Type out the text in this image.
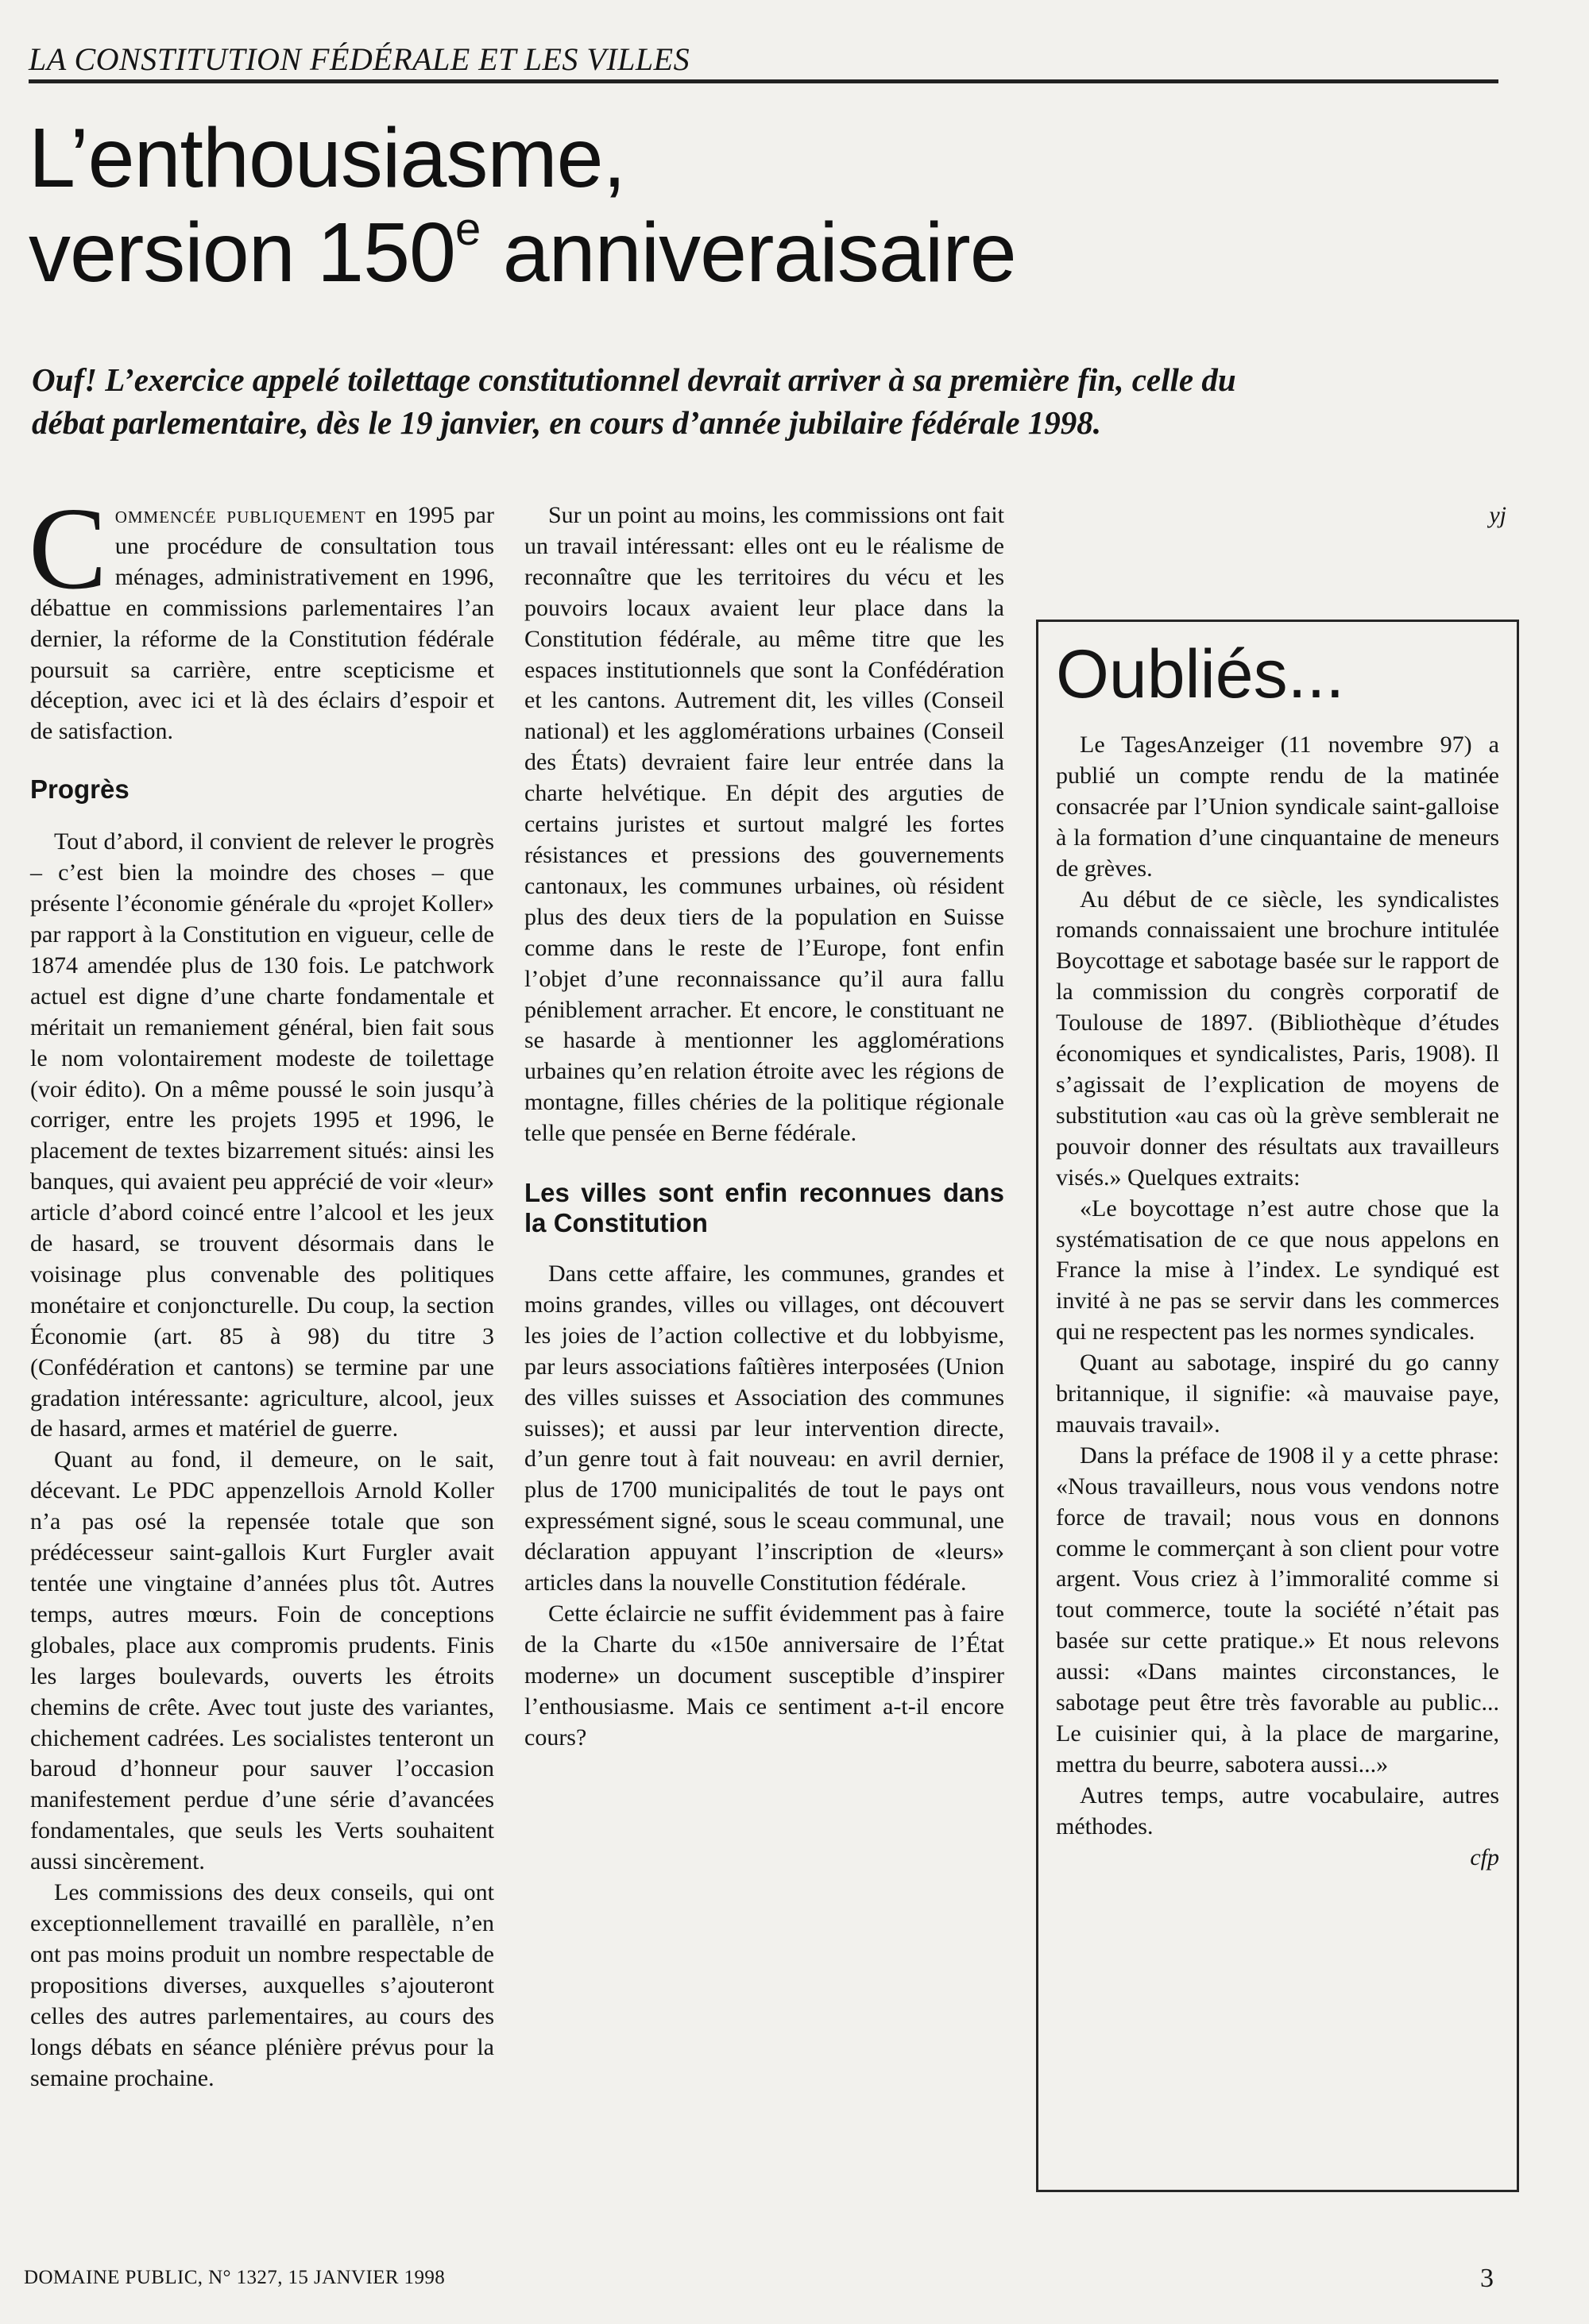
LA CONSTITUTION FÉDÉRALE ET LES VILLES
L’enthousiasme,
version 150e anniveraisaire
Ouf! L’exercice appelé toilettage constitutionnel devrait arriver à sa première fin, celle du débat parlementaire, dès le 19 janvier, en cours d’année jubilaire fédérale 1998.

Commencée publiquement en 1995 par une procédure de consultation tous ménages, administrativement en 1996, débattue en commissions parlementaires l’an dernier, la réforme de la Constitution fédérale poursuit sa carrière, entre scepticisme et déception, avec ici et là des éclairs d’espoir et de satisfaction.

Progrès

Tout d’abord, il convient de relever le progrès – c’est bien la moindre des choses – que présente l’économie générale du «projet Koller» par rapport à la Constitution en vigueur, celle de 1874 amendée plus de 130 fois. Le patchwork actuel est digne d’une charte fondamentale et méritait un remaniement général, bien fait sous le nom volontairement modeste de toilettage (voir édito). On a même poussé le soin jusqu’à corriger, entre les projets 1995 et 1996, le placement de textes bizarrement situés: ainsi les banques, qui avaient peu apprécié de voir «leur» article d’abord coincé entre l’alcool et les jeux de hasard, se trouvent désormais dans le voisinage plus convenable des politiques monétaire et conjoncturelle. Du coup, la section Économie (art. 85 à 98) du titre 3 (Confédération et cantons) se termine par une gradation intéressante: agriculture, alcool, jeux de hasard, armes et matériel de guerre.

Quant au fond, il demeure, on le sait, décevant. Le PDC appenzellois Arnold Koller n’a pas osé la repensée totale que son prédécesseur saint-gallois Kurt Furgler avait tentée une vingtaine d’années plus tôt. Autres temps, autres mœurs. Foin de conceptions globales, place aux compromis prudents. Finis les larges boulevards, ouverts les étroits chemins de crête. Avec tout juste des variantes, chichement cadrées. Les socialistes tenteront un baroud d’honneur pour sauver l’occasion manifestement perdue d’une série d’avancées fondamentales, que seuls les Verts souhaitent aussi sincèrement.

Les commissions des deux conseils, qui ont exceptionnellement travaillé en parallèle, n’en ont pas moins produit un nombre respectable de propositions diverses, auxquelles s’ajouteront celles des autres parlementaires, au cours des longs débats en séance plénière prévus pour la semaine prochaine.

Sur un point au moins, les commissions ont fait un travail intéressant: elles ont eu le réalisme de reconnaître que les territoires du vécu et les pouvoirs locaux avaient leur place dans la Constitution fédérale, au même titre que les espaces institutionnels que sont la Confédération et les cantons. Autrement dit, les villes (Conseil national) et les agglomérations urbaines (Conseil des États) devraient faire leur entrée dans la charte helvétique. En dépit des arguties de certains juristes et surtout malgré les fortes résistances et pressions des gouvernements cantonaux, les communes urbaines, où résident plus des deux tiers de la population en Suisse comme dans le reste de l’Europe, font enfin l’objet d’une reconnaissance qu’il aura fallu péniblement arracher. Et encore, le constituant ne se hasarde à mentionner les agglomérations urbaines qu’en relation étroite avec les régions de montagne, filles chéries de la politique régionale telle que pensée en Berne fédérale.

Les villes sont enfin reconnues dans la Constitution

Dans cette affaire, les communes, grandes et moins grandes, villes ou villages, ont découvert les joies de l’action collective et du lobbyisme, par leurs associations faîtières interposées (Union des villes suisses et Association des communes suisses); et aussi par leur intervention directe, d’un genre tout à fait nouveau: en avril dernier, plus de 1700 municipalités de tout le pays ont expressément signé, sous le sceau communal, une déclaration appuyant l’inscription de «leurs» articles dans la nouvelle Constitution fédérale.

Cette éclaircie ne suffit évidemment pas à faire de la Charte du «150e anniversaire de l’État moderne» un document susceptible d’inspirer l’enthousiasme. Mais ce sentiment a-t-il encore cours?

yj

Oubliés...

Le TagesAnzeiger (11 novembre 97) a publié un compte rendu de la matinée consacrée par l’Union syndicale saint-galloise à la formation d’une cinquantaine de meneurs de grèves.

Au début de ce siècle, les syndicalistes romands connaissaient une brochure intitulée Boycottage et sabotage basée sur le rapport de la commission du congrès corporatif de Toulouse de 1897. (Bibliothèque d’études économiques et syndicalistes, Paris, 1908). Il s’agissait de l’explication de moyens de substitution «au cas où la grève semblerait ne pouvoir donner des résultats aux travailleurs visés.» Quelques extraits:

«Le boycottage n’est autre chose que la systématisation de ce que nous appelons en France la mise à l’index. Le syndiqué est invité à ne pas se servir dans les commerces qui ne respectent pas les normes syndicales.

Quant au sabotage, inspiré du go canny britannique, il signifie: «à mauvaise paye, mauvais travail».

Dans la préface de 1908 il y a cette phrase: «Nous travailleurs, nous vous vendons notre force de travail; nous vous en donnons comme le commerçant à son client pour votre argent. Vous criez à l’immoralité comme si tout commerce, toute la société n’était pas basée sur cette pratique.» Et nous relevons aussi: «Dans maintes circonstances, le sabotage peut être très favorable au public... Le cuisinier qui, à la place de margarine, mettra du beurre, sabotera aussi...»

Autres temps, autre vocabulaire, autres méthodes.

cfp

DOMAINE PUBLIC, N° 1327, 15 JANVIER 1998	3
